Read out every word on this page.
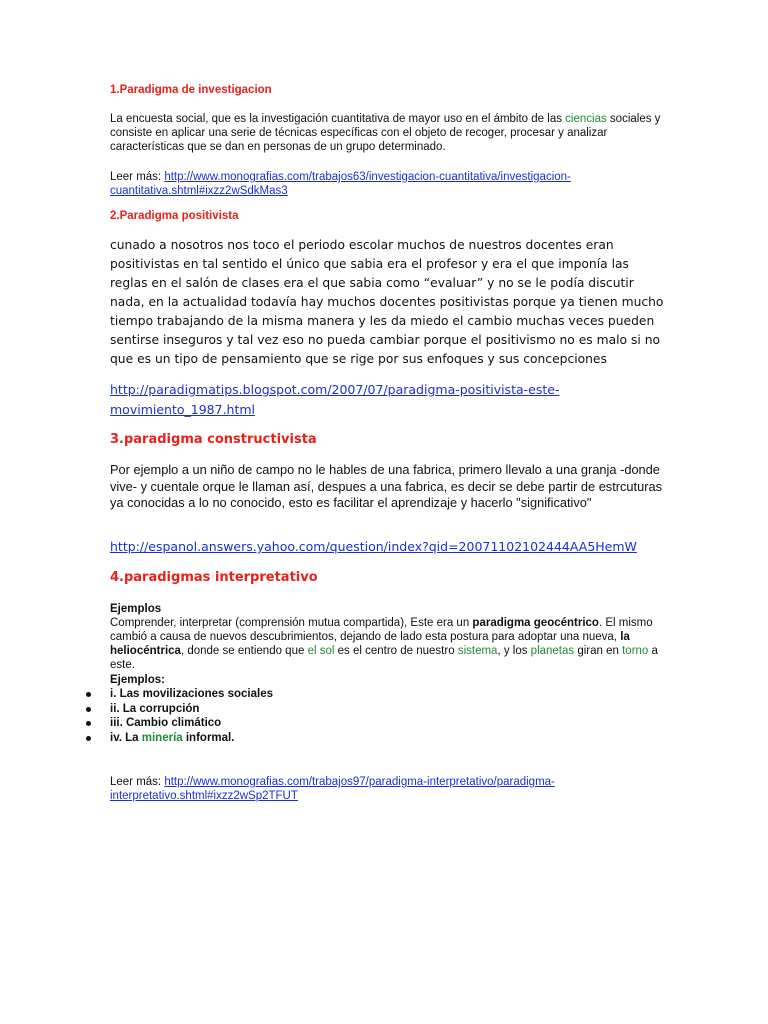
1.Paradigma de investigacion
La encuesta social, que es la investigación cuantitativa de mayor uso en el ámbito de las ciencias sociales y consiste en aplicar una serie de técnicas específicas con el objeto de recoger, procesar y analizar características que se dan en personas de un grupo determinado.
Leer más: http://www.monografias.com/trabajos63/investigacion-cuantitativa/investigacion-cuantitativa.shtml#ixzz2wSdkMas3
2.Paradigma positivista
cunado a nosotros nos toco el periodo escolar muchos de nuestros docentes eran positivistas en tal sentido el único que sabia era el profesor y era el que imponía las reglas en el salón de clases era el que sabia como “evaluar” y no se le podía discutir nada, en la actualidad todavía hay muchos docentes positivistas porque ya tienen mucho tiempo trabajando de la misma manera y les da miedo el cambio muchas veces pueden sentirse inseguros y tal vez eso no pueda cambiar porque el positivismo no es malo si no que es un tipo de pensamiento que se rige por sus enfoques y sus concepciones
http://paradigmatips.blogspot.com/2007/07/paradigma-positivista-este-movimiento_1987.html
3.paradigma constructivista
Por ejemplo a un niño de campo no le hables de una fabrica, primero llevalo a una granja -donde vive- y cuentale orque le llaman así, despues a una fabrica, es decir se debe partir de estrcuturas ya conocidas a lo no conocido, esto es facilitar el aprendizaje y hacerlo "significativo"
http://espanol.answers.yahoo.com/question/index?qid=20071102102444AA5HemW
4.paradigmas interpretativo
Ejemplos
Comprender, interpretar (comprensión mutua compartida), Este era un paradigma geocéntrico. El mismo cambió a causa de nuevos descubrimientos, dejando de lado esta postura para adoptar una nueva, la heliocéntrica, donde se entiendo que el sol es el centro de nuestro sistema, y los planetas giran en torno a este.
Ejemplos:
i. Las movilizaciones sociales
ii. La corrupción
iii. Cambio climático
iv. La minería informal.
Leer más: http://www.monografias.com/trabajos97/paradigma-interpretativo/paradigma-interpretativo.shtml#ixzz2wSp2TFUT
